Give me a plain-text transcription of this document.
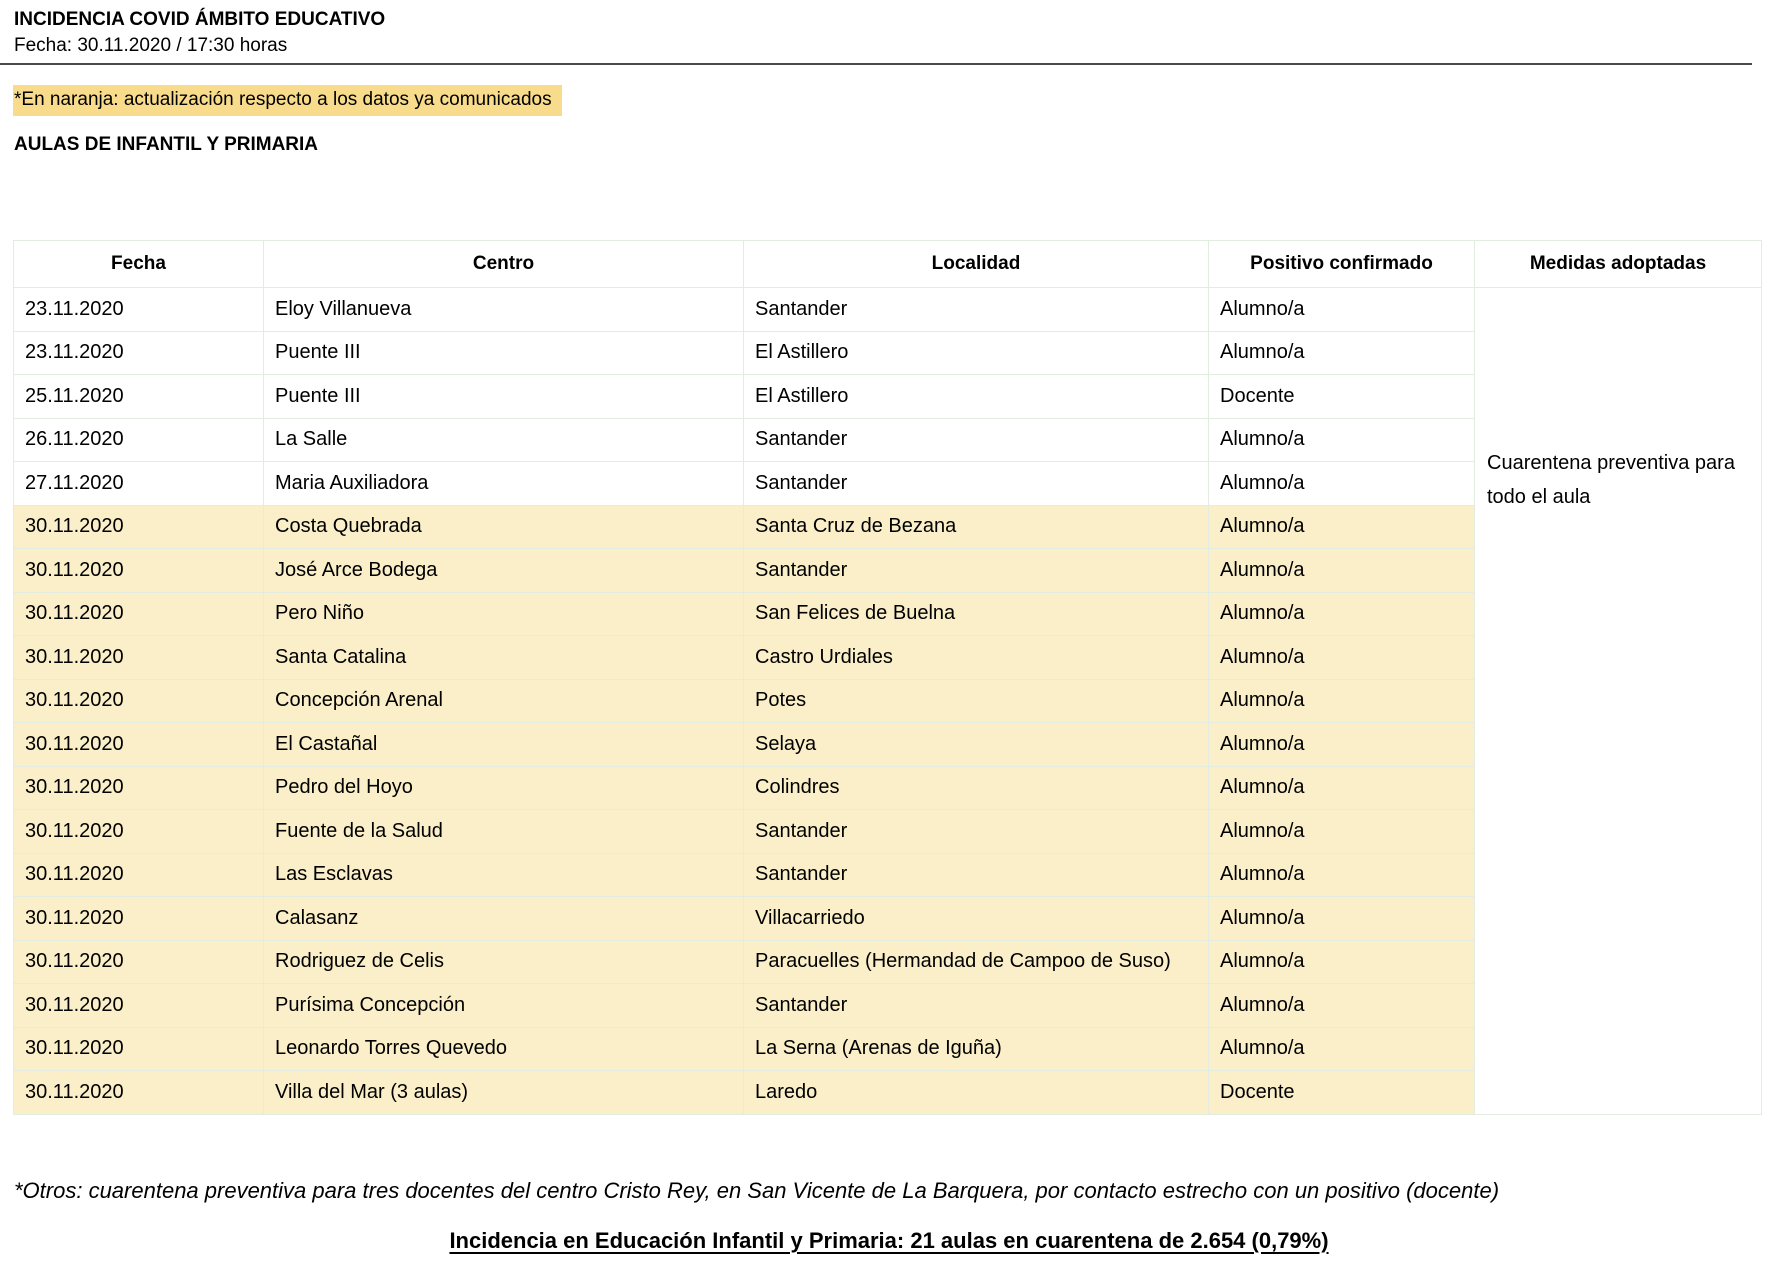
INCIDENCIA COVID ÁMBITO EDUCATIVO
Fecha: 30.11.2020 / 17:30 horas
*En naranja: actualización respecto a los datos ya comunicados
AULAS DE INFANTIL Y PRIMARIA
Fecha	Centro	Localidad	Positivo confirmado	Medidas adoptadas
23.11.2020	Eloy Villanueva	Santander	Alumno/a	Cuarentena preventiva para todo el aula
23.11.2020	Puente III	El Astillero	Alumno/a	
25.11.2020	Puente III	El Astillero	Docente	
26.11.2020	La Salle	Santander	Alumno/a	
27.11.2020	Maria Auxiliadora	Santander	Alumno/a	
30.11.2020	Costa Quebrada	Santa Cruz de Bezana	Alumno/a	
30.11.2020	José Arce Bodega	Santander	Alumno/a	
30.11.2020	Pero Niño	San Felices de Buelna	Alumno/a	
30.11.2020	Santa Catalina	Castro Urdiales	Alumno/a	
30.11.2020	Concepción Arenal	Potes	Alumno/a	
30.11.2020	El Castañal	Selaya	Alumno/a	
30.11.2020	Pedro del Hoyo	Colindres	Alumno/a	
30.11.2020	Fuente de la Salud	Santander	Alumno/a	
30.11.2020	Las Esclavas	Santander	Alumno/a	
30.11.2020	Calasanz	Villacarriedo	Alumno/a	
30.11.2020	Rodriguez de Celis	Paracuelles (Hermandad de Campoo de Suso)	Alumno/a	
30.11.2020	Purísima Concepción	Santander	Alumno/a	
30.11.2020	Leonardo Torres Quevedo	La Serna (Arenas de Iguña)	Alumno/a	
30.11.2020	Villa del Mar (3 aulas)	Laredo	Docente	
*Otros: cuarentena preventiva para tres docentes del centro Cristo Rey, en San Vicente de La Barquera, por contacto estrecho con un positivo (docente)
Incidencia en Educación Infantil y Primaria: 21 aulas en cuarentena de 2.654 (0,79%)
